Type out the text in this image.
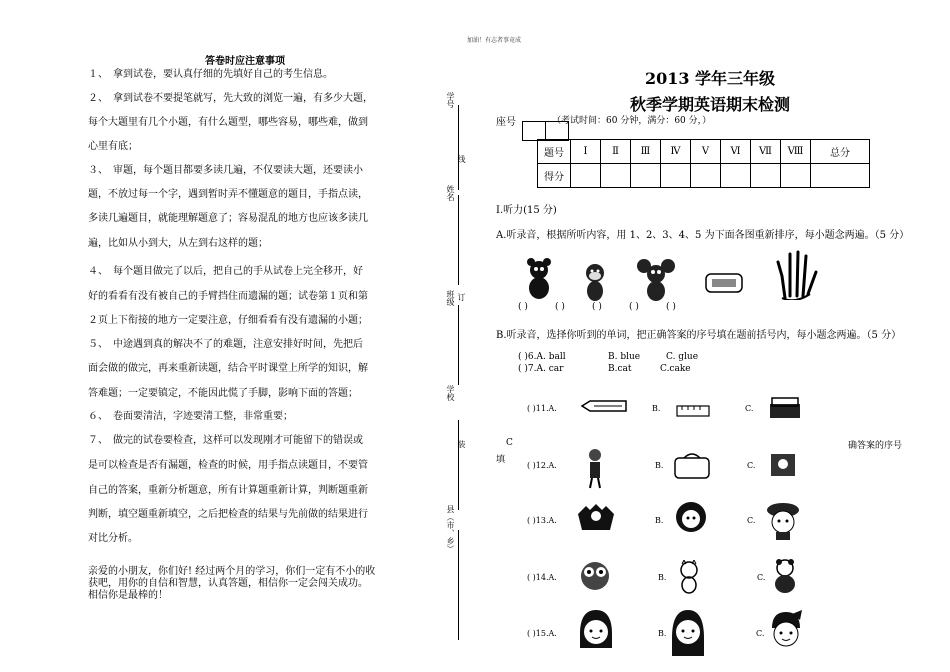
答卷时应注意事项
１、　拿到试卷，要认真仔细的先填好自己的考生信息。
２、　拿到试卷不要提笔就写，先大致的浏览一遍，有多少大题，
每个大题里有几个小题，有什么题型，哪些容易，哪些难，做到
心里有底；
３、　审题，每个题目都要多读几遍，不仅要读大题，还要读小
题，不放过每一个字，遇到暂时弄不懂题意的题目，手指点读，
多读几遍题目，就能理解题意了；容易混乱的地方也应该多读几
遍，比如从小到大，从左到右这样的题；
４、　每个题目做完了以后，把自己的手从试卷上完全移开，好
好的看看有没有被自己的手臂挡住而遗漏的题；试卷第１页和第
２页上下衔接的地方一定要注意，仔细看看有没有遗漏的小题；
５、　中途遇到真的解决不了的难题，注意安排好时间，先把后
面会做的做完，再来重新读题，结合平时课堂上所学的知识，解
答难题；一定要镇定，不能因此慌了手脚，影响下面的答题；
６、　卷面要清洁，字迹要清工整，非常重要；
７、　做完的试卷要检查，这样可以发现刚才可能留下的错误或
是可以检查是否有漏题，检查的时候，用手指点读题目，不要管
自己的答案，重新分析题意，所有计算题重新计算，判断题重新
判断，填空题重新填空，之后把检查的结果与先前做的结果进行
对比分析。
亲爱的小朋友，你们好! 经过两个月的学习，你们一定有不小的收
获吧，用你的自信和智慧，认真答题，相信你一定会闯关成功。
相信你是最棒的！
加油！有志者事竟成
学号
线
姓名
班级 订
学校
装
县（市、乡）
2013 学年三年级
秋季学期英语期末检测
座号	（考试时间：60 分钟，满分：60 分，）
题号	Ⅰ	Ⅱ	Ⅲ	Ⅳ	Ⅴ	Ⅵ	Ⅶ	Ⅷ	总分
得分									
I.听力(15 分)
A.听录音，根据所听内容，用 1、2、3、4、5 为下面各图重新排序，每小题念两遍。（5 分）
( )	( )	( )	( )	( )
B.听录音，选择你听到的单词，把正确答案的序号填在题前括号内，每小题念两遍。（5 分）
( )6.A. ball	B. blue	C. glue
( )7.A. car	B.cat	C.cake
确答案的序号
填
C
( )11.A.	B.	C.
( )12.A.	B.	C.
( )13.A.	B.	C.
( )14.A.	B.	C.
( )15.A.	B.	C.
